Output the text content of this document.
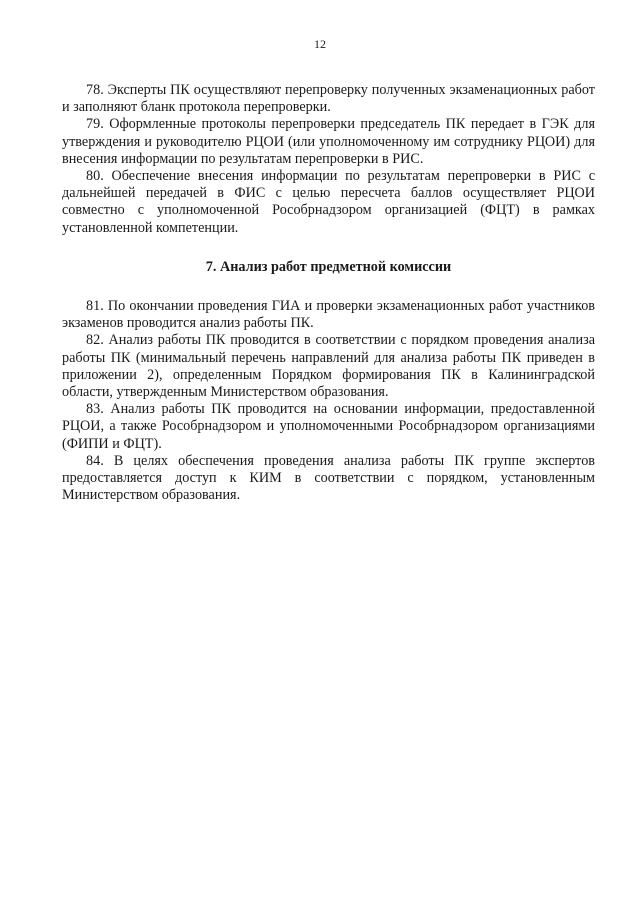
12

78. Эксперты ПК осуществляют перепроверку полученных экзаменационных работ и заполняют бланк протокола перепроверки.

79. Оформленные протоколы перепроверки председатель ПК передает в ГЭК для утверждения и руководителю РЦОИ (или уполномоченному им сотруднику РЦОИ) для внесения информации по результатам перепроверки в РИС.

80. Обеспечение внесения информации по результатам перепроверки в РИС с дальнейшей передачей в ФИС с целью пересчета баллов осуществляет РЦОИ совместно с уполномоченной Рособрнадзором организацией (ФЦТ) в рамках установленной компетенции.

7. Анализ работ предметной комиссии

81. По окончании проведения ГИА и проверки экзаменационных работ участников экзаменов проводится анализ работы ПК.

82. Анализ работы ПК проводится в соответствии с порядком проведения анализа работы ПК (минимальный перечень направлений для анализа работы ПК приведен в приложении 2), определенным Порядком формирования ПК в Калининградской области, утвержденным Министерством образования.

83. Анализ работы ПК проводится на основании информации, предоставленной РЦОИ, а также Рособрнадзором и уполномоченными Рособрнадзором организациями (ФИПИ и ФЦТ).

84. В целях обеспечения проведения анализа работы ПК группе экспертов предоставляется доступ к КИМ в соответствии с порядком, установленным Министерством образования.
